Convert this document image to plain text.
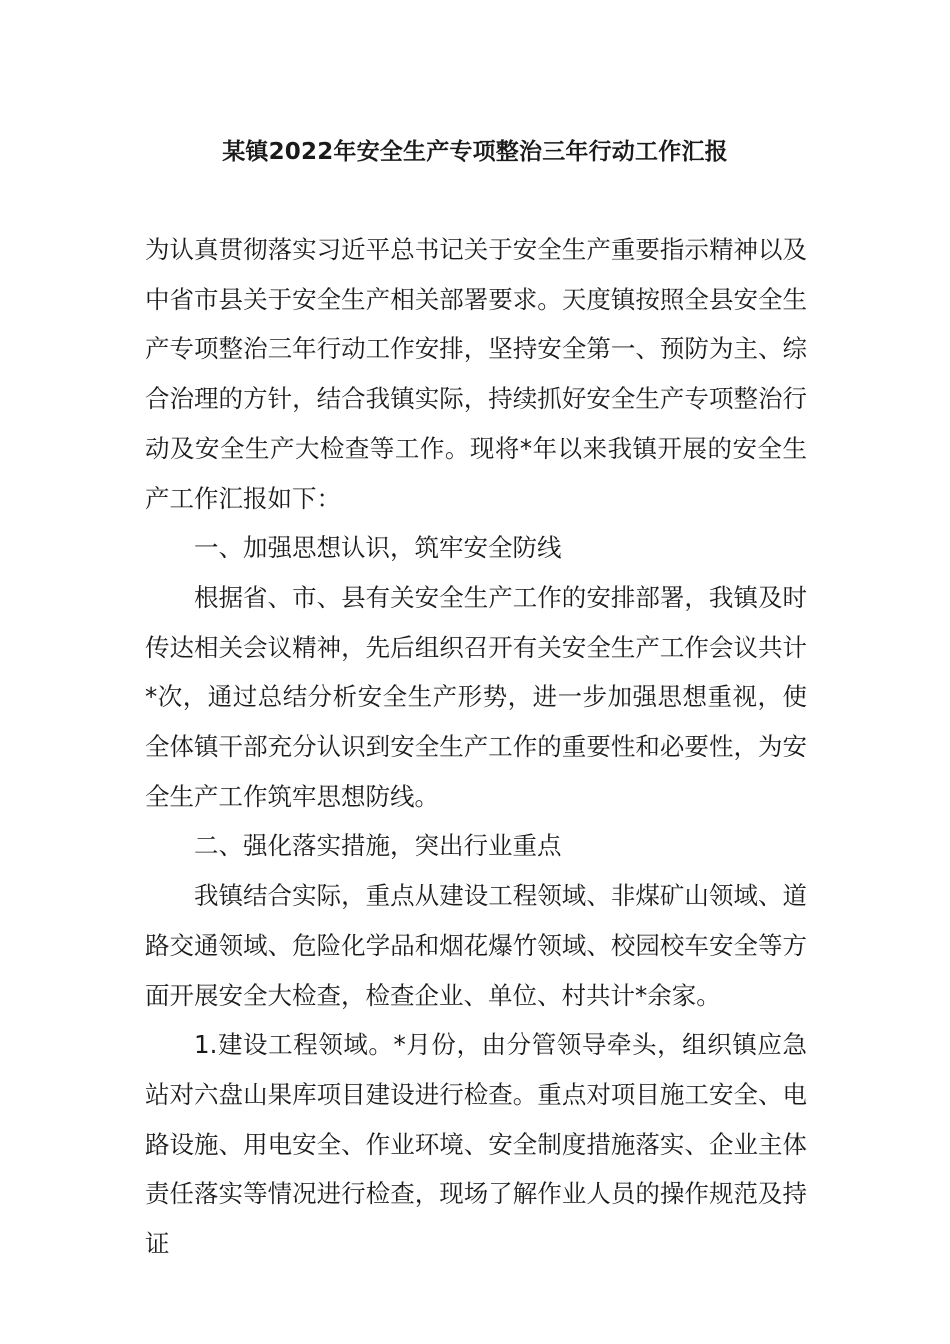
某镇2022年安全生产专项整治三年行动工作汇报

为认真贯彻落实习近平总书记关于安全生产重要指示精神以及中省市县关于安全生产相关部署要求。天度镇按照全县安全生产专项整治三年行动工作安排，坚持安全第一、预防为主、综合治理的方针，结合我镇实际，持续抓好安全生产专项整治行动及安全生产大检查等工作。现将*年以来我镇开展的安全生产工作汇报如下：

一、加强思想认识，筑牢安全防线

根据省、市、县有关安全生产工作的安排部署，我镇及时传达相关会议精神，先后组织召开有关安全生产工作会议共计*次，通过总结分析安全生产形势，进一步加强思想重视，使全体镇干部充分认识到安全生产工作的重要性和必要性，为安全生产工作筑牢思想防线。

二、强化落实措施，突出行业重点

我镇结合实际，重点从建设工程领域、非煤矿山领域、道路交通领域、危险化学品和烟花爆竹领域、校园校车安全等方面开展安全大检查，检查企业、单位、村共计*余家。

1.建设工程领域。*月份，由分管领导牵头，组织镇应急站对六盘山果库项目建设进行检查。重点对项目施工安全、电路设施、用电安全、作业环境、安全制度措施落实、企业主体责任落实等情况进行检查，现场了解作业人员的操作规范及持证
